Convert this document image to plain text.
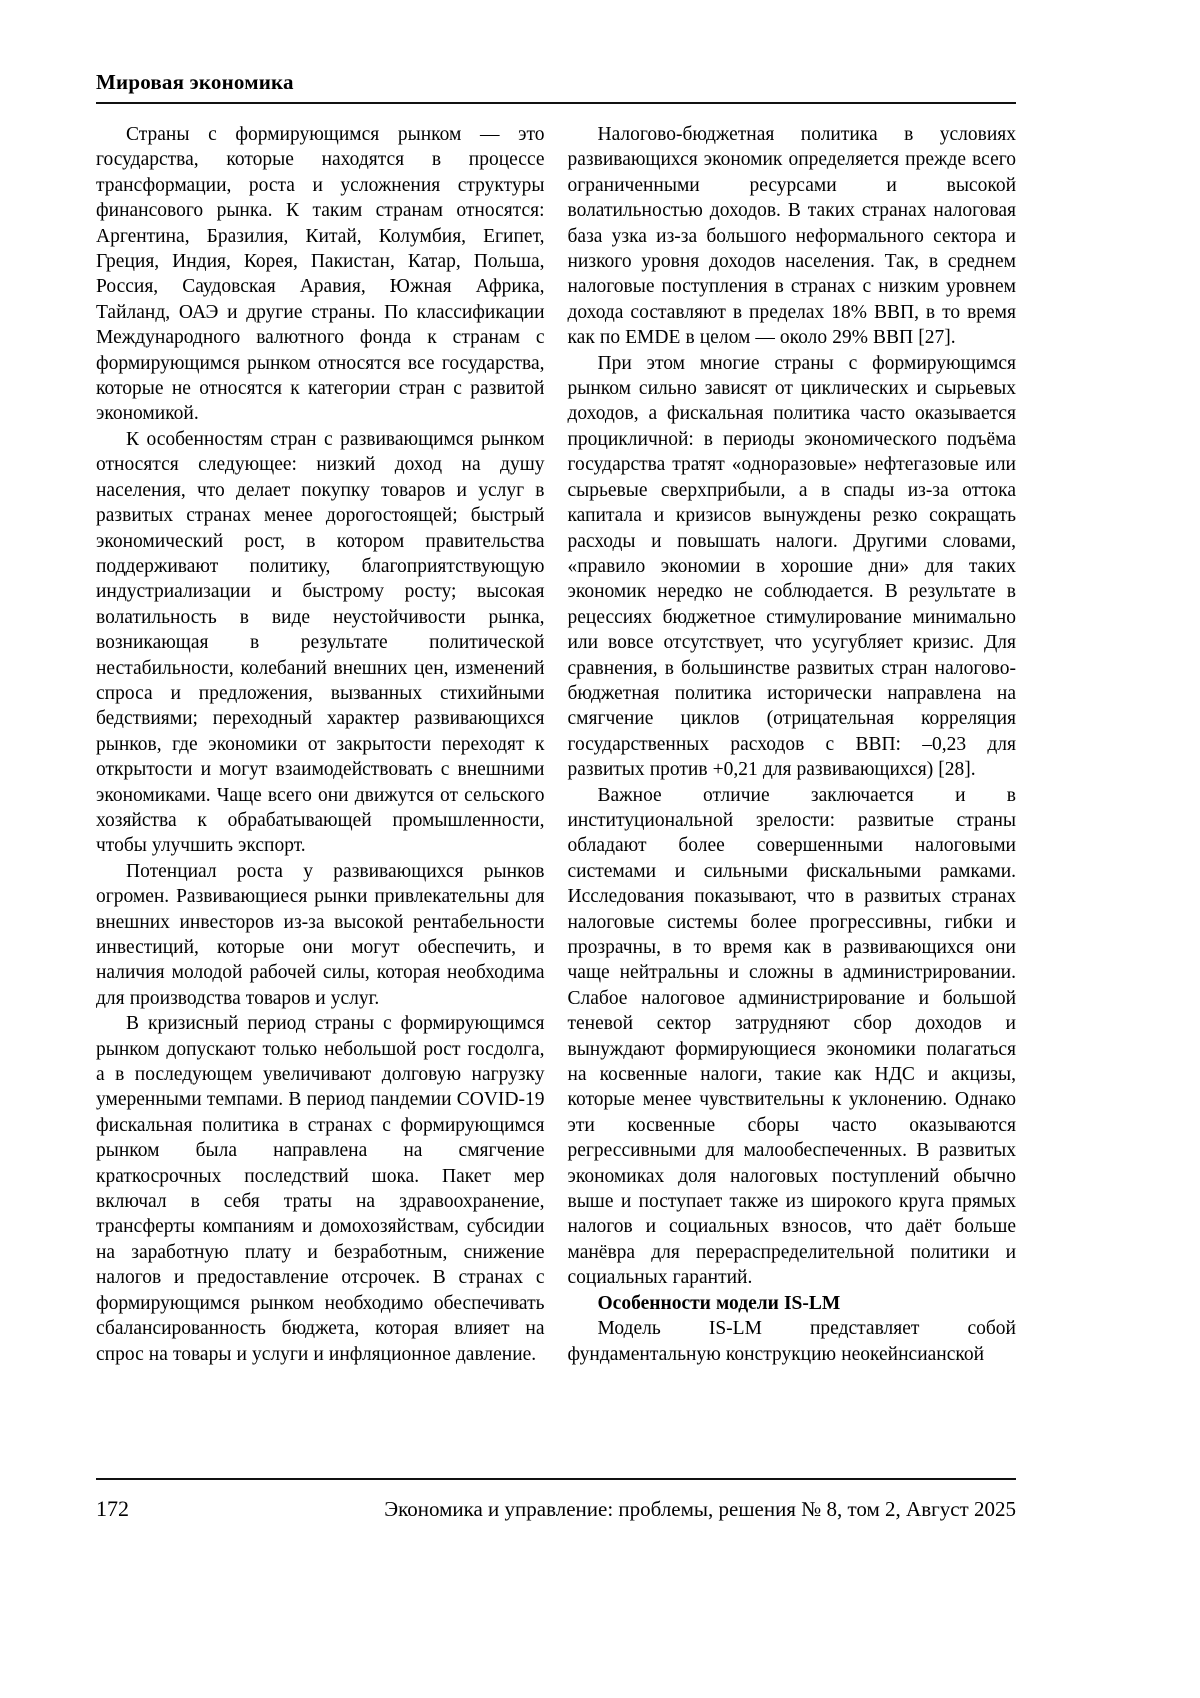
Мировая экономика

Страны с формирующимся рынком — это государства, которые находятся в процессе трансформации, роста и усложнения структуры финансового рынка. К таким странам относятся: Аргентина, Бразилия, Китай, Колумбия, Египет, Греция, Индия, Корея, Пакистан, Катар, Польша, Россия, Саудовская Аравия, Южная Африка, Тайланд, ОАЭ и другие страны. По классификации Международного валютного фонда к странам с формирующимся рынком относятся все государства, которые не относятся к категории стран с развитой экономикой.

К особенностям стран с развивающимся рынком относятся следующее: низкий доход на душу населения, что делает покупку товаров и услуг в развитых странах менее дорогостоящей; быстрый экономический рост, в котором правительства поддерживают политику, благоприятствующую индустриализации и быстрому росту; высокая волатильность в виде неустойчивости рынка, возникающая в результате политической нестабильности, колебаний внешних цен, изменений спроса и предложения, вызванных стихийными бедствиями; переходный характер развивающихся рынков, где экономики от закрытости переходят к открытости и могут взаимодействовать с внешними экономиками. Чаще всего они движутся от сельского хозяйства к обрабатывающей промышленности, чтобы улучшить экспорт.

Потенциал роста у развивающихся рынков огромен. Развивающиеся рынки привлекательны для внешних инвесторов из-за высокой рентабельности инвестиций, которые они могут обеспечить, и наличия молодой рабочей силы, которая необходима для производства товаров и услуг.

В кризисный период страны с формирующимся рынком допускают только небольшой рост госдолга, а в последующем увеличивают долговую нагрузку умеренными темпами. В период пандемии COVID-19 фискальная политика в странах с формирующимся рынком была направлена на смягчение краткосрочных последствий шока. Пакет мер включал в себя траты на здравоохранение, трансферты компаниям и домохозяйствам, субсидии на заработную плату и безработным, снижение налогов и предоставление отсрочек. В странах с формирующимся рынком необходимо обеспечивать сбалансированность бюджета, которая влияет на спрос на товары и услуги и инфляционное давление.

Налогово-бюджетная политика в условиях развивающихся экономик определяется прежде всего ограниченными ресурсами и высокой волатильностью доходов. В таких странах налоговая база узка из-за большого неформального сектора и низкого уровня доходов населения. Так, в среднем налоговые поступления в странах с низким уровнем дохода составляют в пределах 18% ВВП, в то время как по EMDE в целом — около 29% ВВП [27].

При этом многие страны с формирующимся рынком сильно зависят от циклических и сырьевых доходов, а фискальная политика часто оказывается процикличной: в периоды экономического подъёма государства тратят «одноразовые» нефтегазовые или сырьевые сверхприбыли, а в спады из-за оттока капитала и кризисов вынуждены резко сокращать расходы и повышать налоги. Другими словами, «правило экономии в хорошие дни» для таких экономик нередко не соблюдается. В результате в рецессиях бюджетное стимулирование минимально или вовсе отсутствует, что усугубляет кризис. Для сравнения, в большинстве развитых стран налогово-бюджетная политика исторически направлена на смягчение циклов (отрицательная корреляция государственных расходов с ВВП: –0,23 для развитых против +0,21 для развивающихся) [28].

Важное отличие заключается и в институциональной зрелости: развитые страны обладают более совершенными налоговыми системами и сильными фискальными рамками. Исследования показывают, что в развитых странах налоговые системы более прогрессивны, гибки и прозрачны, в то время как в развивающихся они чаще нейтральны и сложны в администрировании. Слабое налоговое администрирование и большой теневой сектор затрудняют сбор доходов и вынуждают формирующиеся экономики полагаться на косвенные налоги, такие как НДС и акцизы, которые менее чувствительны к уклонению. Однако эти косвенные сборы часто оказываются регрессивными для малообеспеченных. В развитых экономиках доля налоговых поступлений обычно выше и поступает также из широкого круга прямых налогов и социальных взносов, что даёт больше манёвра для перераспределительной политики и социальных гарантий.

Особенности модели IS-LM

Модель IS-LM представляет собой фундаментальную конструкцию неокейнсианской

172	Экономика и управление: проблемы, решения № 8, том 2, Август 2025
